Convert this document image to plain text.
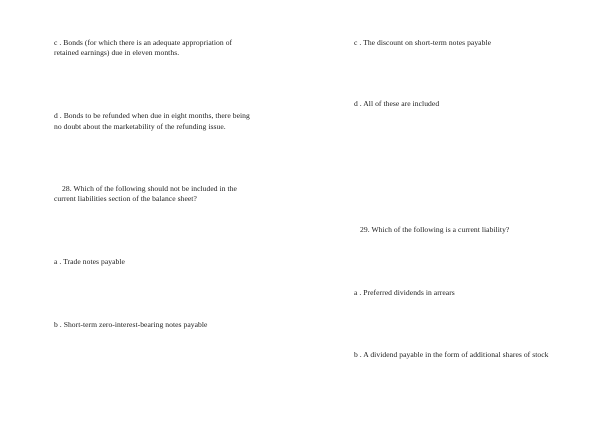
c . Bonds (for which there is an adequate appropriation of
retained earnings) due in eleven months.
d . Bonds to be refunded when due in eight months, there being
no doubt about the marketability of the refunding issue.
28. Which of the following should not be included in the
current liabilities section of the balance sheet?
a . Trade notes payable
b . Short-term zero-interest-bearing notes payable
c . The discount on short-term notes payable
d . All of these are included
29. Which of the following is a current liability?
a . Preferred dividends in arrears
b . A dividend payable in the form of additional shares of stock
